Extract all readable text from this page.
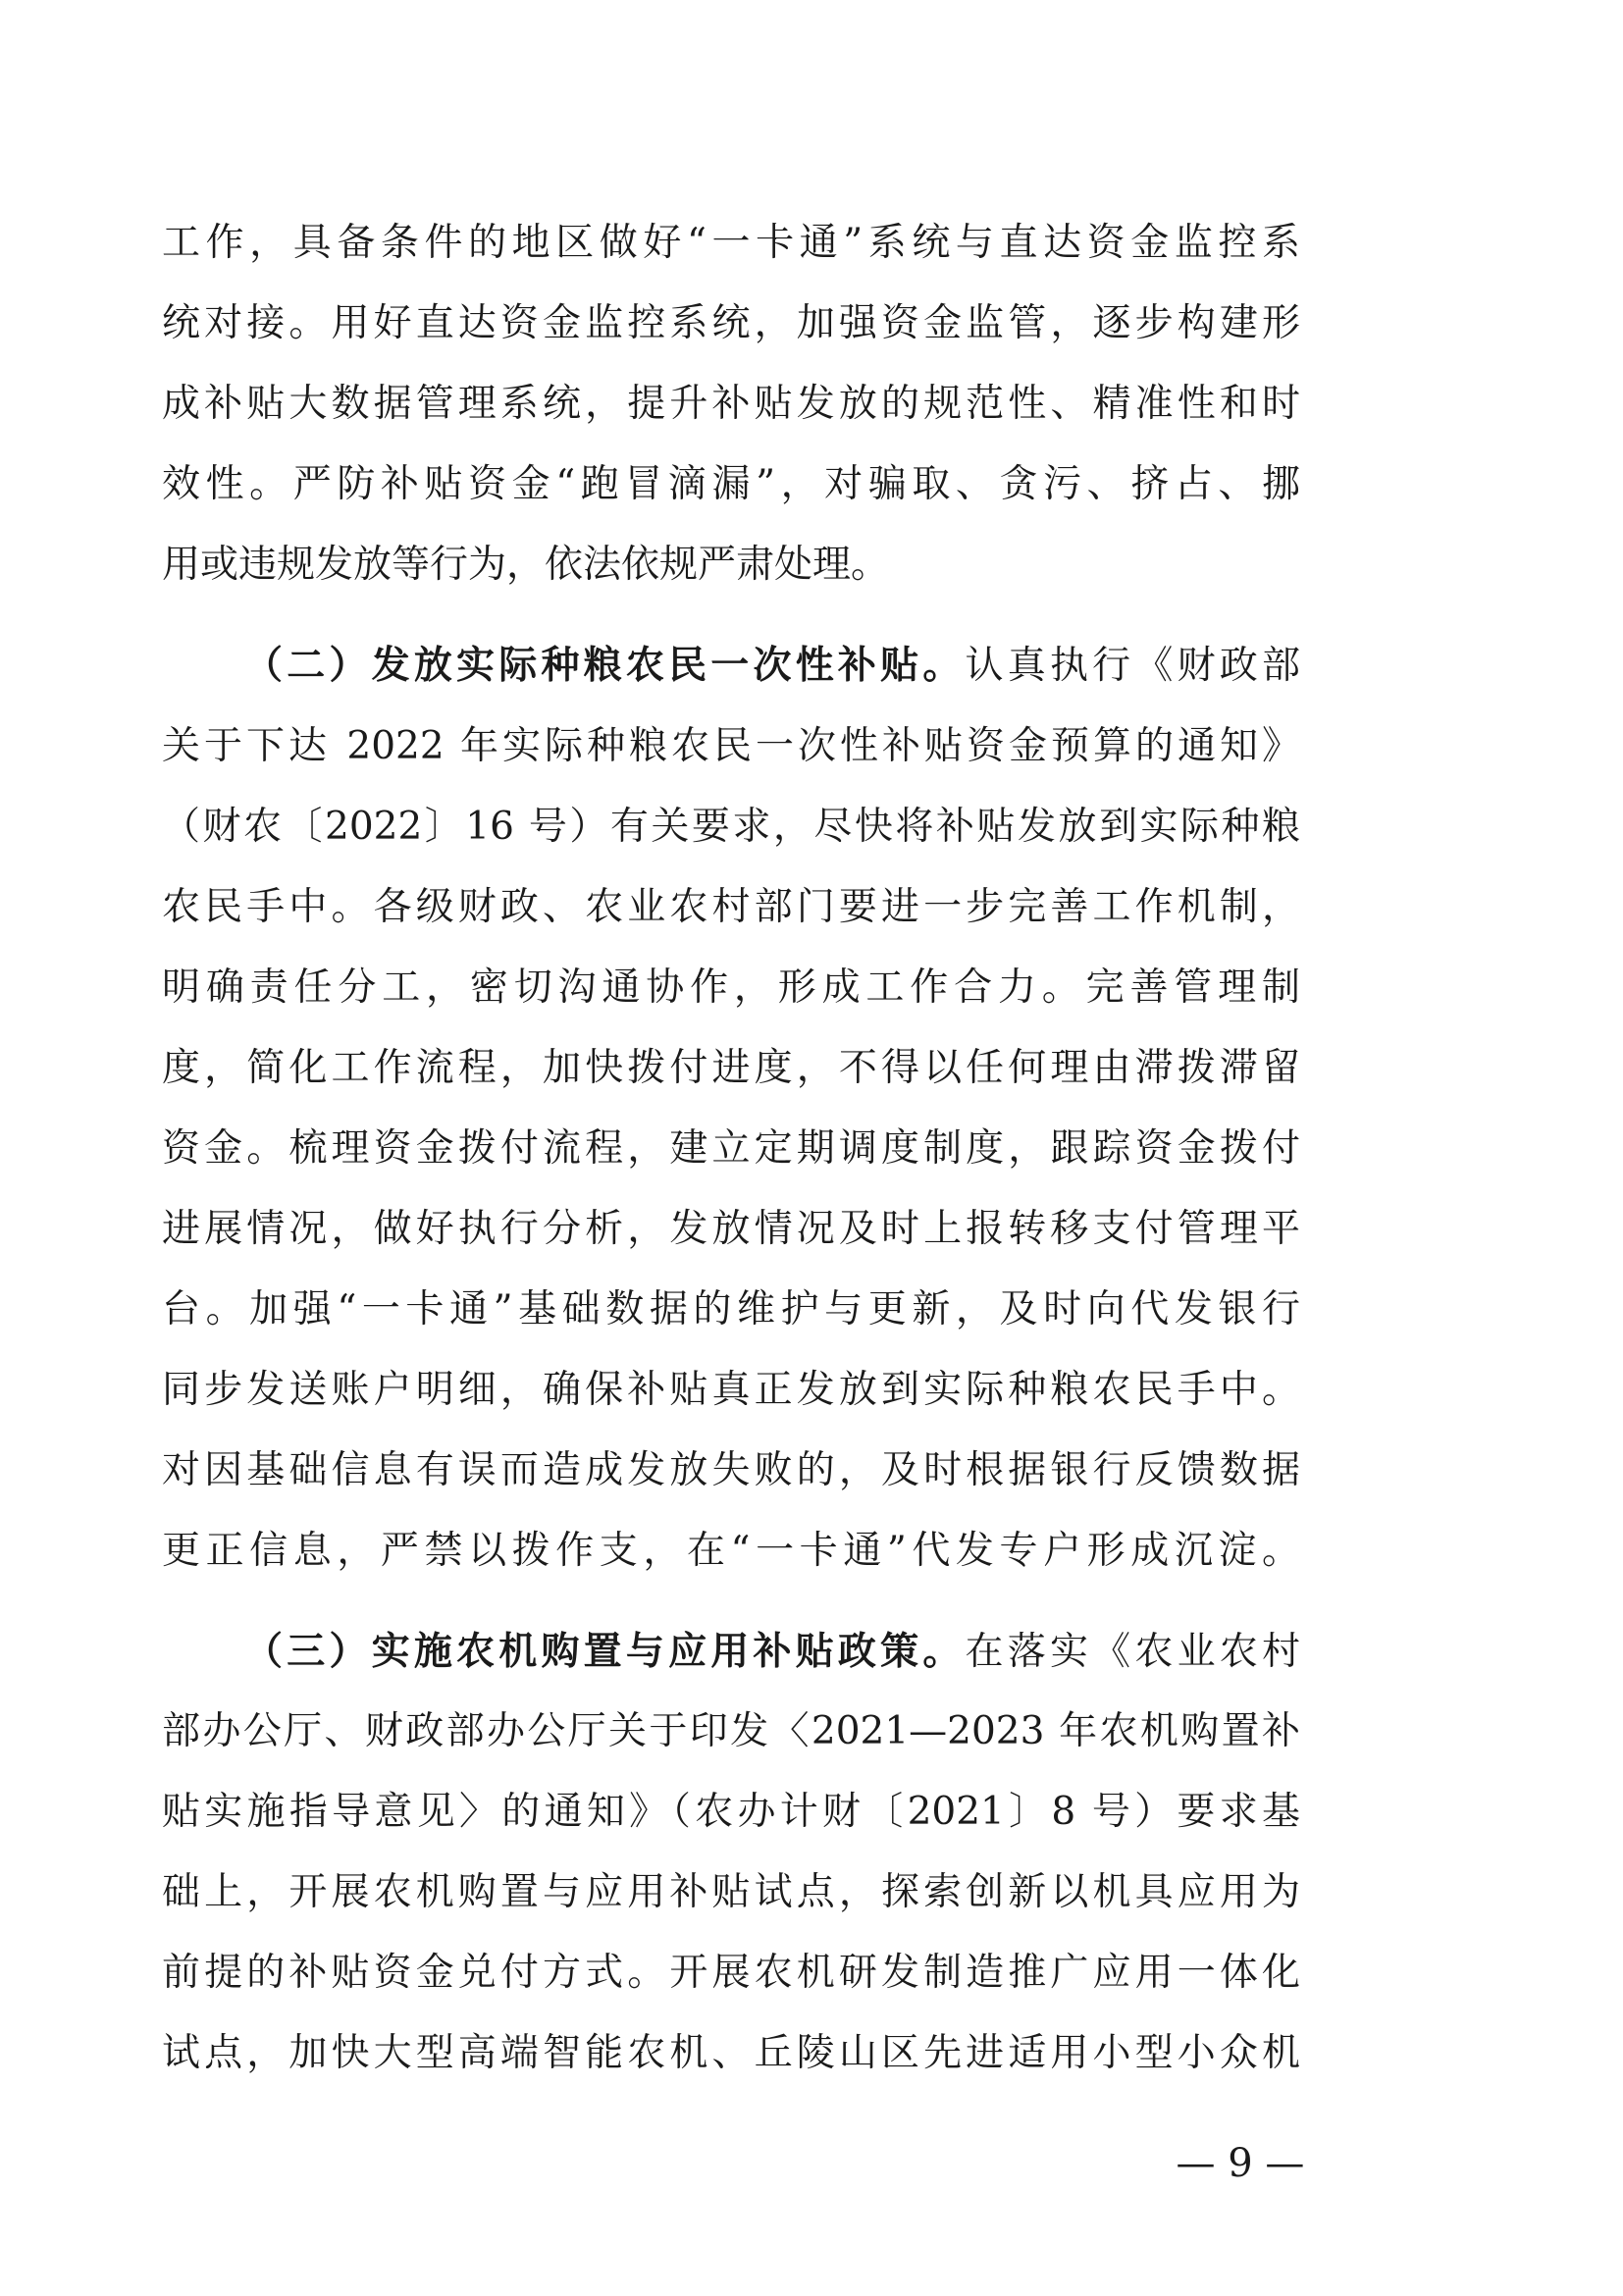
工作，具备条件的地区做好“一卡通”系统与直达资金监控系
统对接。用好直达资金监控系统，加强资金监管，逐步构建形
成补贴大数据管理系统，提升补贴发放的规范性、精准性和时
效性。严防补贴资金“跑冒滴漏”，对骗取、贪污、挤占、挪
用或违规发放等行为，依法依规严肃处理。
（二）发放实际种粮农民一次性补贴。认真执行《财政部
关于下达 2022 年实际种粮农民一次性补贴资金预算的通知》
（财农〔2022〕16 号）有关要求，尽快将补贴发放到实际种粮
农民手中。各级财政、农业农村部门要进一步完善工作机制，
明确责任分工，密切沟通协作，形成工作合力。完善管理制
度，简化工作流程，加快拨付进度，不得以任何理由滞拨滞留
资金。梳理资金拨付流程，建立定期调度制度，跟踪资金拨付
进展情况，做好执行分析，发放情况及时上报转移支付管理平
台。加强“一卡通”基础数据的维护与更新，及时向代发银行
同步发送账户明细，确保补贴真正发放到实际种粮农民手中。
对因基础信息有误而造成发放失败的，及时根据银行反馈数据
更正信息，严禁以拨作支，在“一卡通”代发专户形成沉淀。
（三）实施农机购置与应用补贴政策。在落实《农业农村
部办公厅、财政部办公厅关于印发〈2021—2023 年农机购置补
贴实施指导意见〉的通知》（农办计财〔2021〕8 号）要求基
础上，开展农机购置与应用补贴试点，探索创新以机具应用为
前提的补贴资金兑付方式。开展农机研发制造推广应用一体化
试点，加快大型高端智能农机、丘陵山区先进适用小型小众机
— 9 —
